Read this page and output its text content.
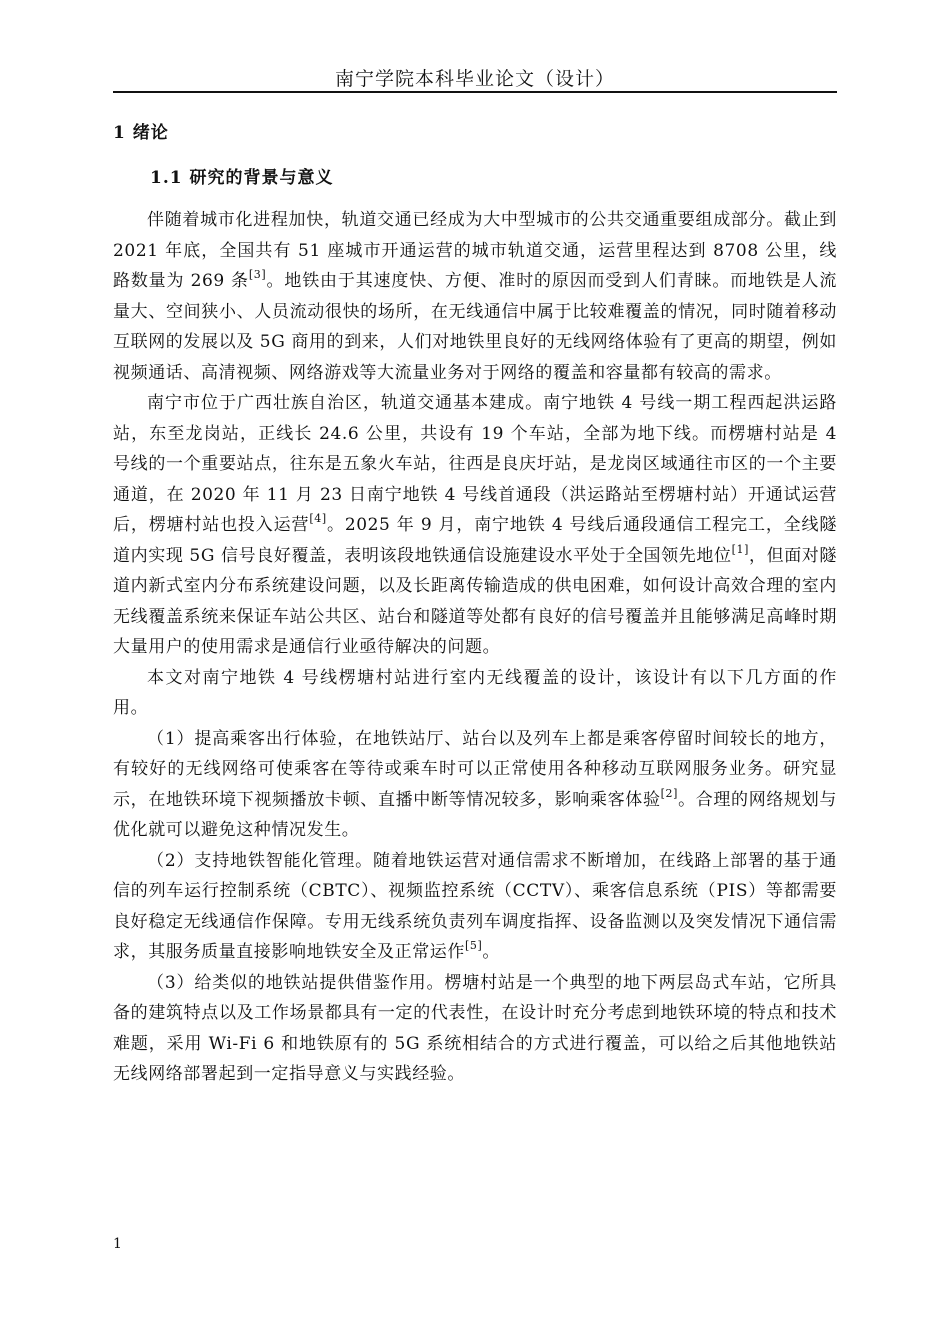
南宁学院本科毕业论文（设计）
1 绪论
1.1 研究的背景与意义

伴随着城市化进程加快，轨道交通已经成为大中型城市的公共交通重要组成部分。截止到 2021 年底，全国共有 51 座城市开通运营的城市轨道交通，运营里程达到 8708 公里，线路数量为 269 条[3]。地铁由于其速度快、方便、准时的原因而受到人们青睐。而地铁是人流量大、空间狭小、人员流动很快的场所，在无线通信中属于比较难覆盖的情况，同时随着移动互联网的发展以及 5G 商用的到来，人们对地铁里良好的无线网络体验有了更高的期望，例如视频通话、高清视频、网络游戏等大流量业务对于网络的覆盖和容量都有较高的需求。

南宁市位于广西壮族自治区，轨道交通基本建成。南宁地铁 4 号线一期工程西起洪运路站，东至龙岗站，正线长 24.6 公里，共设有 19 个车站，全部为地下线。而楞塘村站是 4 号线的一个重要站点，往东是五象火车站，往西是良庆圩站，是龙岗区域通往市区的一个主要通道，在 2020 年 11 月 23 日南宁地铁 4 号线首通段（洪运路站至楞塘村站）开通试运营后，楞塘村站也投入运营[4]。2025 年 9 月，南宁地铁 4 号线后通段通信工程完工，全线隧道内实现 5G 信号良好覆盖，表明该段地铁通信设施建设水平处于全国领先地位[1]，但面对隧道内新式室内分布系统建设问题，以及长距离传输造成的供电困难，如何设计高效合理的室内无线覆盖系统来保证车站公共区、站台和隧道等处都有良好的信号覆盖并且能够满足高峰时期大量用户的使用需求是通信行业亟待解决的问题。

本文对南宁地铁 4 号线楞塘村站进行室内无线覆盖的设计，该设计有以下几方面的作用。

（1）提高乘客出行体验，在地铁站厅、站台以及列车上都是乘客停留时间较长的地方，有较好的无线网络可使乘客在等待或乘车时可以正常使用各种移动互联网服务业务。研究显示，在地铁环境下视频播放卡顿、直播中断等情况较多，影响乘客体验[2]。合理的网络规划与优化就可以避免这种情况发生。

（2）支持地铁智能化管理。随着地铁运营对通信需求不断增加，在线路上部署的基于通信的列车运行控制系统（CBTC）、视频监控系统（CCTV）、乘客信息系统（PIS）等都需要良好稳定无线通信作保障。专用无线系统负责列车调度指挥、设备监测以及突发情况下通信需求，其服务质量直接影响地铁安全及正常运作[5]。

（3）给类似的地铁站提供借鉴作用。楞塘村站是一个典型的地下两层岛式车站，它所具备的建筑特点以及工作场景都具有一定的代表性，在设计时充分考虑到地铁环境的特点和技术难题，采用 Wi-Fi 6 和地铁原有的 5G 系统相结合的方式进行覆盖，可以给之后其他地铁站无线网络部署起到一定指导意义与实践经验。

1
